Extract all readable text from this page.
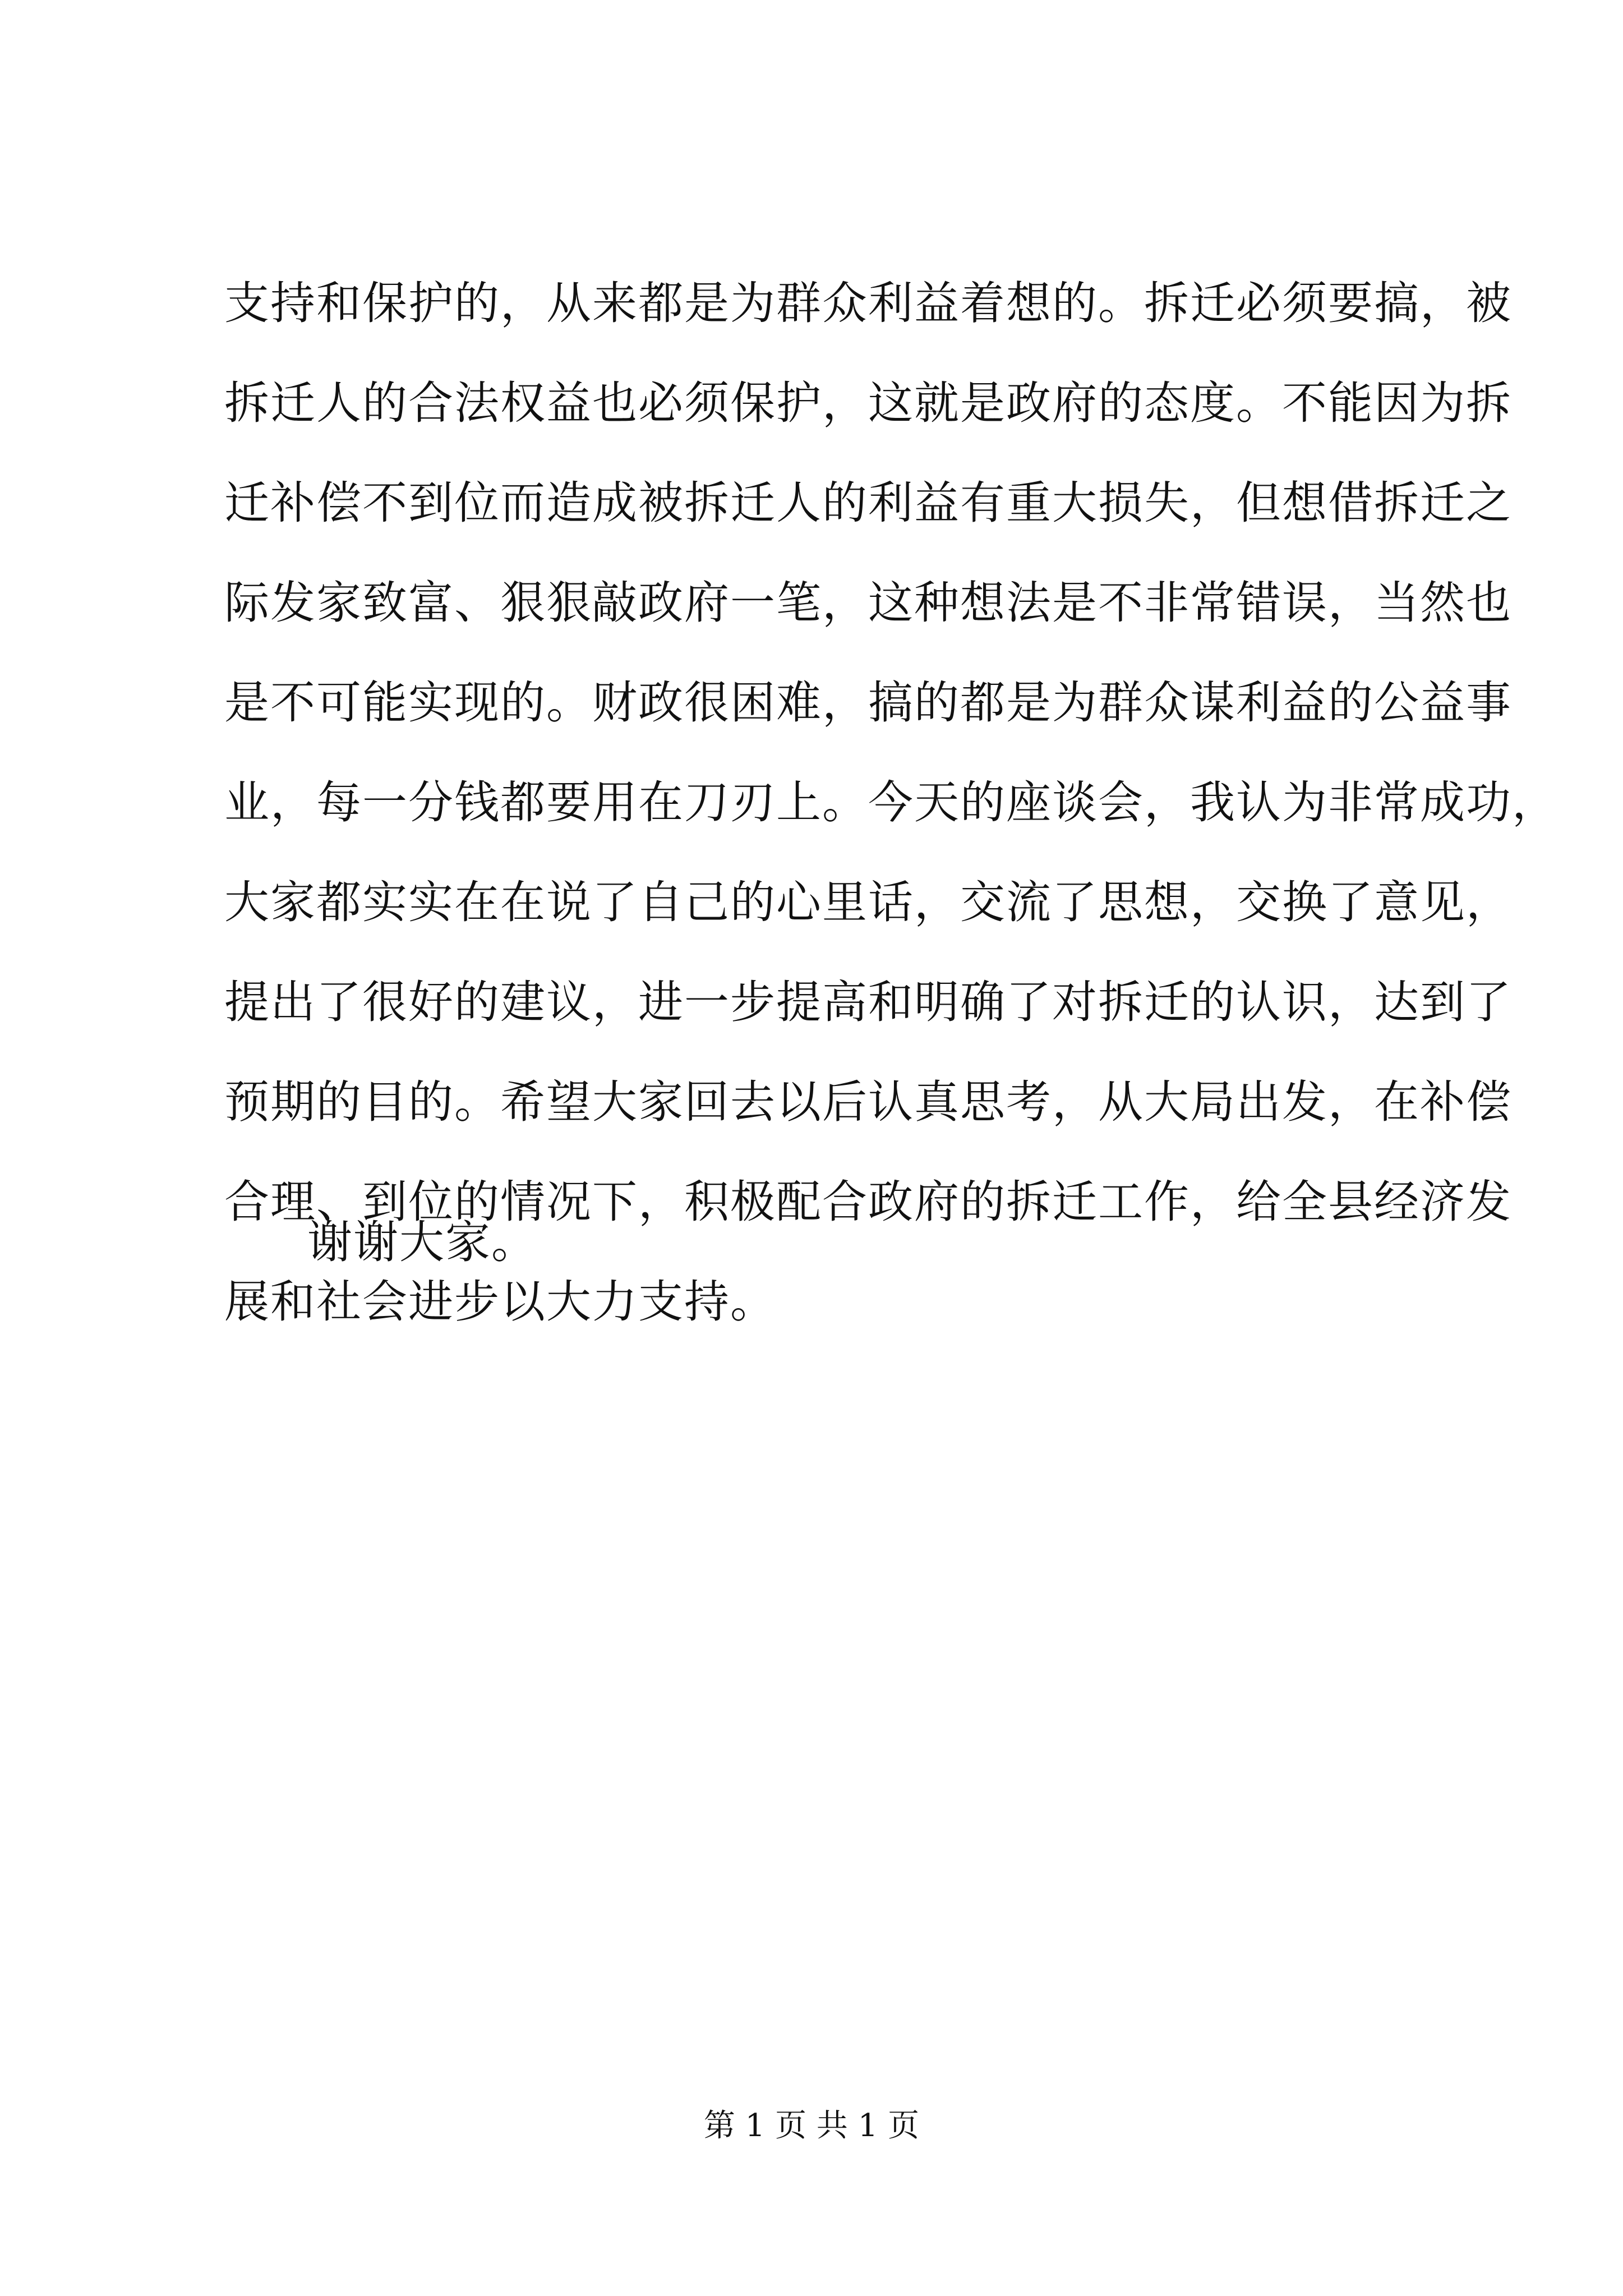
支持和保护的，从来都是为群众利益着想的。拆迁必须要搞，被
拆迁人的合法权益也必须保护，这就是政府的态度。不能因为拆
迁补偿不到位而造成被拆迁人的利益有重大损失，但想借拆迁之
际发家致富、狠狠敲政府一笔，这种想法是不非常错误，当然也
是不可能实现的。财政很困难，搞的都是为群众谋利益的公益事
业，每一分钱都要用在刀刃上。今天的座谈会，我认为非常成功，
大家都实实在在说了自己的心里话，交流了思想，交换了意见，
提出了很好的建议，进一步提高和明确了对拆迁的认识，达到了
预期的目的。希望大家回去以后认真思考，从大局出发，在补偿
合理、到位的情况下，积极配合政府的拆迁工作，给全县经济发
展和社会进步以大力支持。
谢谢大家。
第 1 页 共 1 页
